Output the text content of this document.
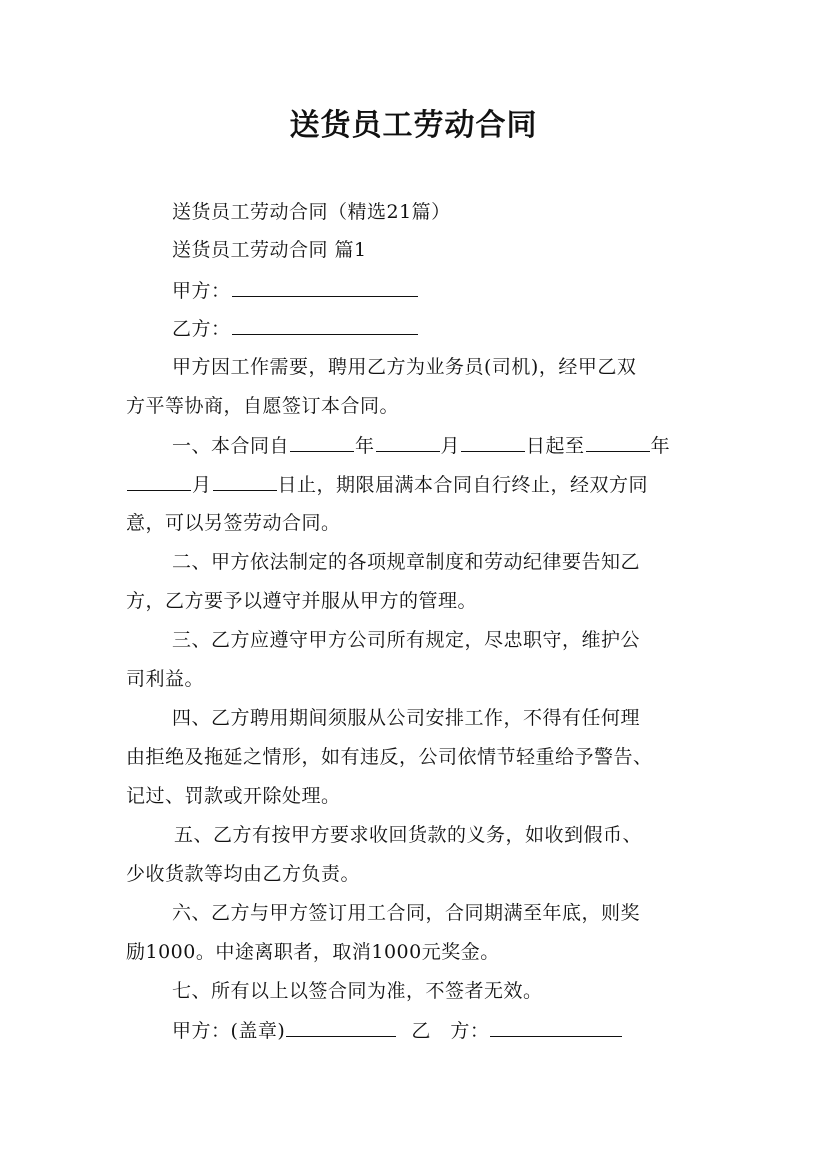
送货员工劳动合同
送货员工劳动合同（精选21篇）
送货员工劳动合同 篇1
甲方：
乙方：
甲方因工作需要，聘用乙方为业务员(司机)，经甲乙双
方平等协商，自愿签订本合同。
一、本合同自	年	月	日起至	年
月	日止，期限届满本合同自行终止，经双方同
意，可以另签劳动合同。
二、甲方依法制定的各项规章制度和劳动纪律要告知乙
方，乙方要予以遵守并服从甲方的管理。
三、乙方应遵守甲方公司所有规定，尽忠职守，维护公
司利益。
四、乙方聘用期间须服从公司安排工作，不得有任何理
由拒绝及拖延之情形，如有违反，公司依情节轻重给予警告、
记过、罚款或开除处理。
五、乙方有按甲方要求收回货款的义务，如收到假币、
少收货款等均由乙方负责。
六、乙方与甲方签订用工合同，合同期满至年底，则奖
励1000。中途离职者，取消1000元奖金。
七、所有以上以签合同为准，不签者无效。
甲方：(盖章)	乙　方：
